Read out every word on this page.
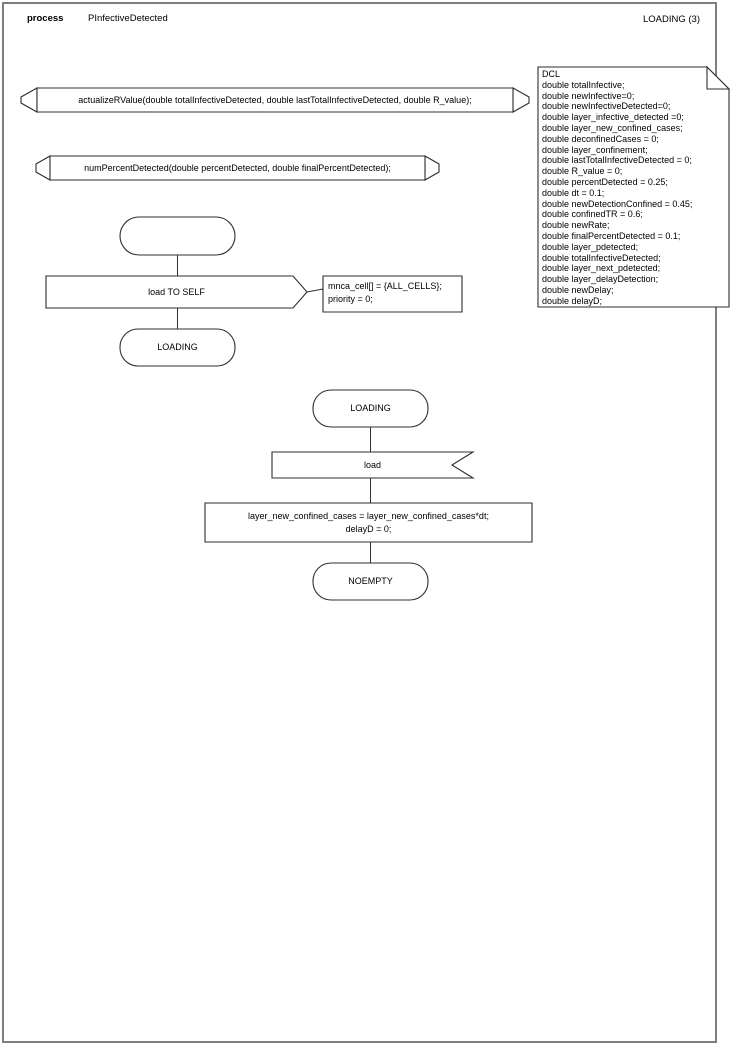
process	PInfectiveDetected	LOADING (3)
actualizeRValue(double totalInfectiveDetected, double lastTotalInfectiveDetected, double R_value);
numPercentDetected(double percentDetected, double finalPercentDetected);
DCL
double totalInfective;
double newInfective=0;
double newInfectiveDetected=0;
double layer_infective_detected =0;
double layer_new_confined_cases;
double deconfinedCases = 0;
double layer_confinement;
double lastTotalInfectiveDetected = 0;
double R_value = 0;
double percentDetected = 0.25;
double dt = 0.1;
double newDetectionConfined = 0.45;
double confinedTR = 0.6;
double newRate;
double finalPercentDetected = 0.1;
double layer_pdetected;
double totalInfectiveDetected;
double layer_next_pdetected;
double layer_delayDetection;
double newDelay;
double delayD;
load TO SELF
mnca_cell[] = {ALL_CELLS};
priority = 0;
LOADING
LOADING
load
layer_new_confined_cases = layer_new_confined_cases*dt;
delayD = 0;
NOEMPTY
